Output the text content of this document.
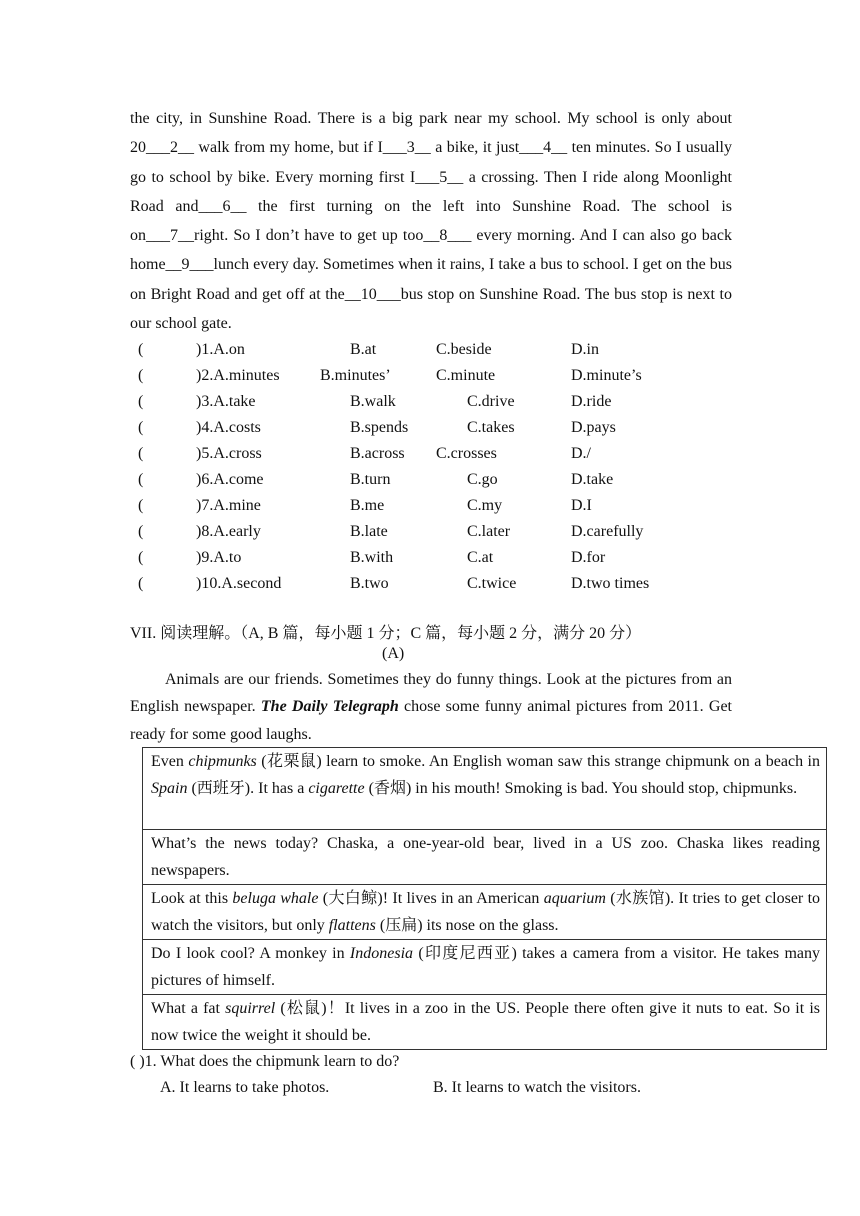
the city, in Sunshine Road. There is a big park near my school. My school is only about 20___2__ walk from my home, but if I___3__ a bike, it just___4__ ten minutes. So I usually go to school by bike. Every morning first I___5__ a crossing. Then I ride along Moonlight Road and___6__ the first turning on the left into Sunshine Road. The school is on___7__right. So I don’t have to get up too__8___ every morning. And I can also go back home__9___lunch every day. Sometimes when it rains, I take a bus to school. I get on the bus on Bright Road and get off at the__10___bus stop on Sunshine Road. The bus stop is next to our school gate.
(	)1.A.on	B.at	C.beside	D.in
(	)2.A.minutes	B.minutes’	C.minute	D.minute’s
(	)3.A.take	B.walk	C.drive	D.ride
(	)4.A.costs	B.spends	C.takes	D.pays
(	)5.A.cross	B.across C.crosses	D./
(	)6.A.come	B.turn	C.go	D.take
(	)7.A.mine	B.me	C.my	D.I
(	)8.A.early	B.late	C.later	D.carefully
(	)9.A.to	B.with	C.at	D.for
(	)10.A.second	B.two	C.twice	D.two times
VII. 阅读理解。（A, B 篇，每小题 1 分；C 篇，每小题 2 分，满分 20 分）
(A)
Animals are our friends. Sometimes they do funny things. Look at the pictures from an English newspaper. The Daily Telegraph chose some funny animal pictures from 2011. Get ready for some good laughs.
Even chipmunks (花栗鼠) learn to smoke. An English woman saw this strange chipmunk on a beach in Spain (西班牙). It has a cigarette (香烟) in his mouth! Smoking is bad. You should stop, chipmunks.
What’s the news today? Chaska, a one-year-old bear, lived in a US zoo. Chaska likes reading newspapers.
Look at this beluga whale (大白鲸)! It lives in an American aquarium (水族馆). It tries to get closer to watch the visitors, but only flattens (压扁) its nose on the glass.
Do I look cool? A monkey in Indonesia (印度尼西亚) takes a camera from a visitor. He takes many pictures of himself.
What a fat squirrel (松鼠)！It lives in a zoo in the US. People there often give it nuts to eat. So it is now twice the weight it should be.
( )1. What does the chipmunk learn to do?
A. It learns to take photos.	B. It learns to watch the visitors.
